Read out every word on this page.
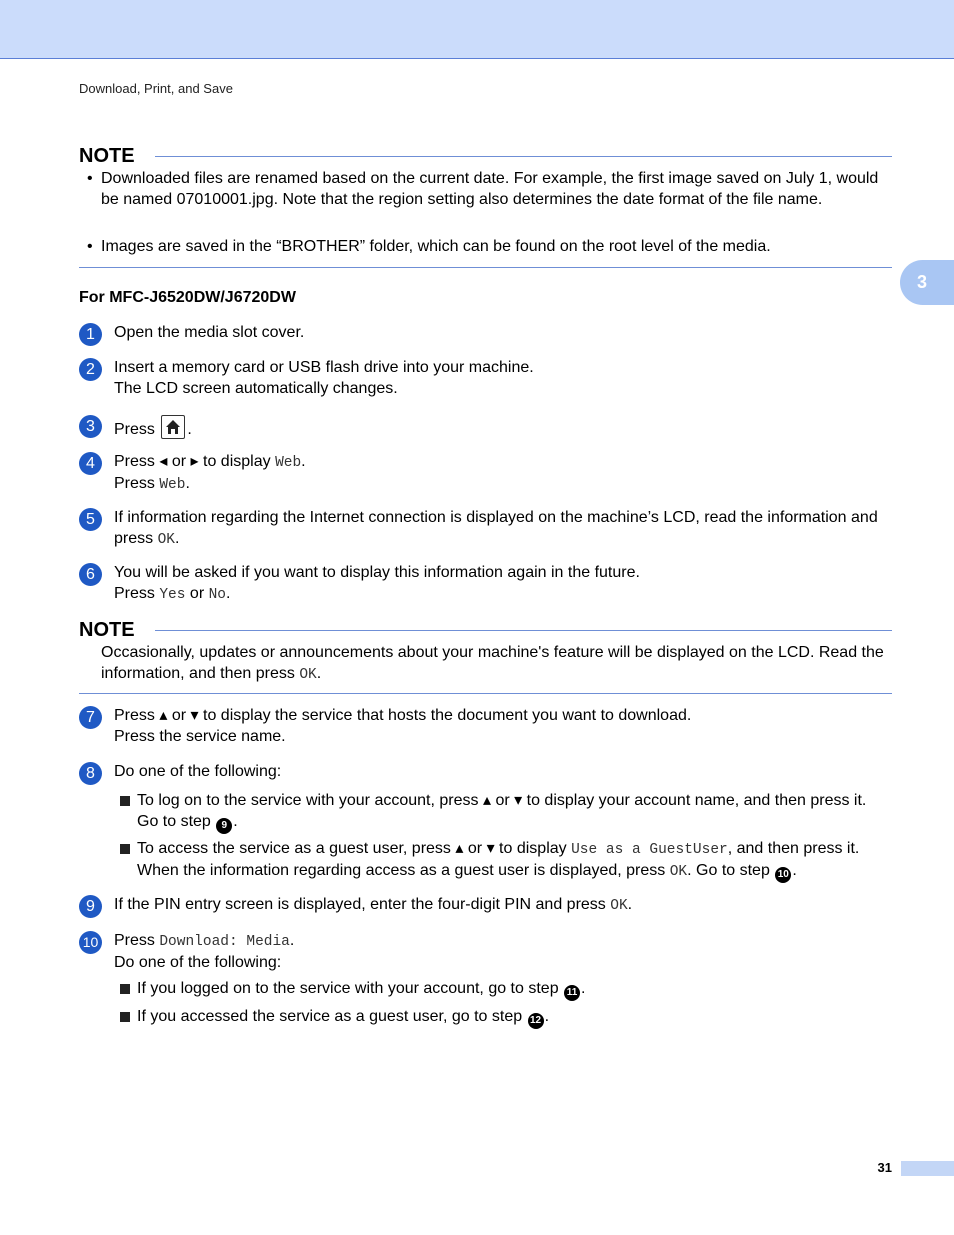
Download, Print, and Save
3
NOTE
• Downloaded files are renamed based on the current date. For example, the first image saved on July 1, would be named 07010001.jpg. Note that the region setting also determines the date format of the file name.
• Images are saved in the “BROTHER” folder, which can be found on the root level of the media.
For MFC-J6520DW/J6720DW
1	Open the media slot cover.
2	Insert a memory card or USB flash drive into your machine.
The LCD screen automatically changes.
3	Press .
4	Press ◂ or ▸ to display Web.
Press Web.
5	If information regarding the Internet connection is displayed on the machine’s LCD, read the information and press OK.
6	You will be asked if you want to display this information again in the future.
Press Yes or No.
NOTE
Occasionally, updates or announcements about your machine's feature will be displayed on the LCD. Read the information, and then press OK.
7	Press ▴ or ▾ to display the service that hosts the document you want to download.
Press the service name.
8	Do one of the following:
To log on to the service with your account, press ▴ or ▾ to display your account name, and then press it. Go to step 9 .
To access the service as a guest user, press ▴ or ▾ to display Use as a GuestUser, and then press it. When the information regarding access as a guest user is displayed, press OK. Go to step 10 .
9	If the PIN entry screen is displayed, enter the four-digit PIN and press OK.
10 Press Download: Media.
Do one of the following:
If you logged on to the service with your account, go to step 11 .
If you accessed the service as a guest user, go to step 12 .
31
